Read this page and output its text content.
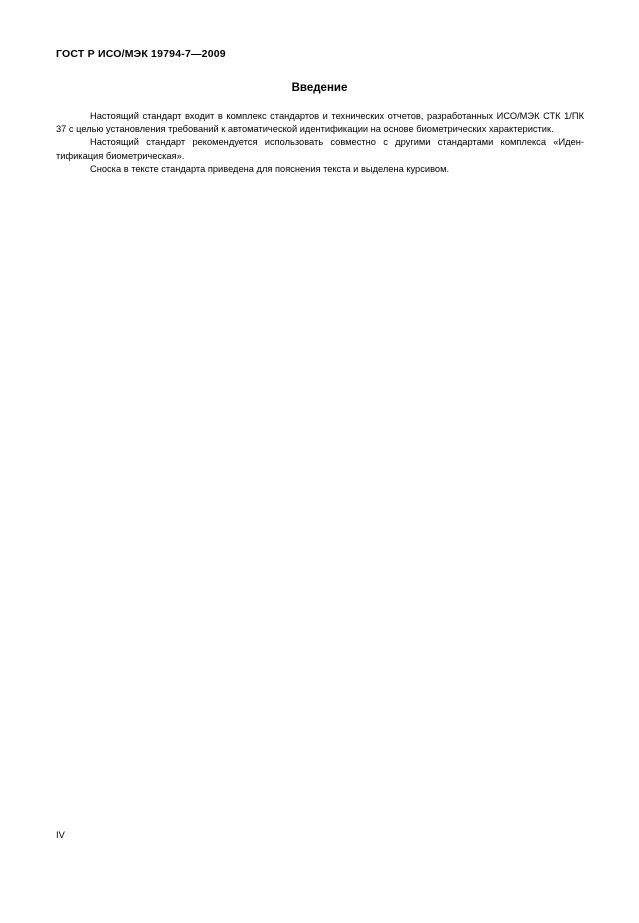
ГОСТ Р ИСО/МЭК 19794-7—2009
Введение

Настоящий стандарт входит в комплекс стандартов и технических отчетов, разработанных ИСО/МЭК СТК 1/ПК 37 с целью установления требований к автоматической идентификации на основе биометрических характеристик.

Настоящий стандарт рекомендуется использовать совместно с другими стандартами комплекса «Идентификация биометрическая».

Сноска в тексте стандарта приведена для пояснения текста и выделена курсивом.

IV
